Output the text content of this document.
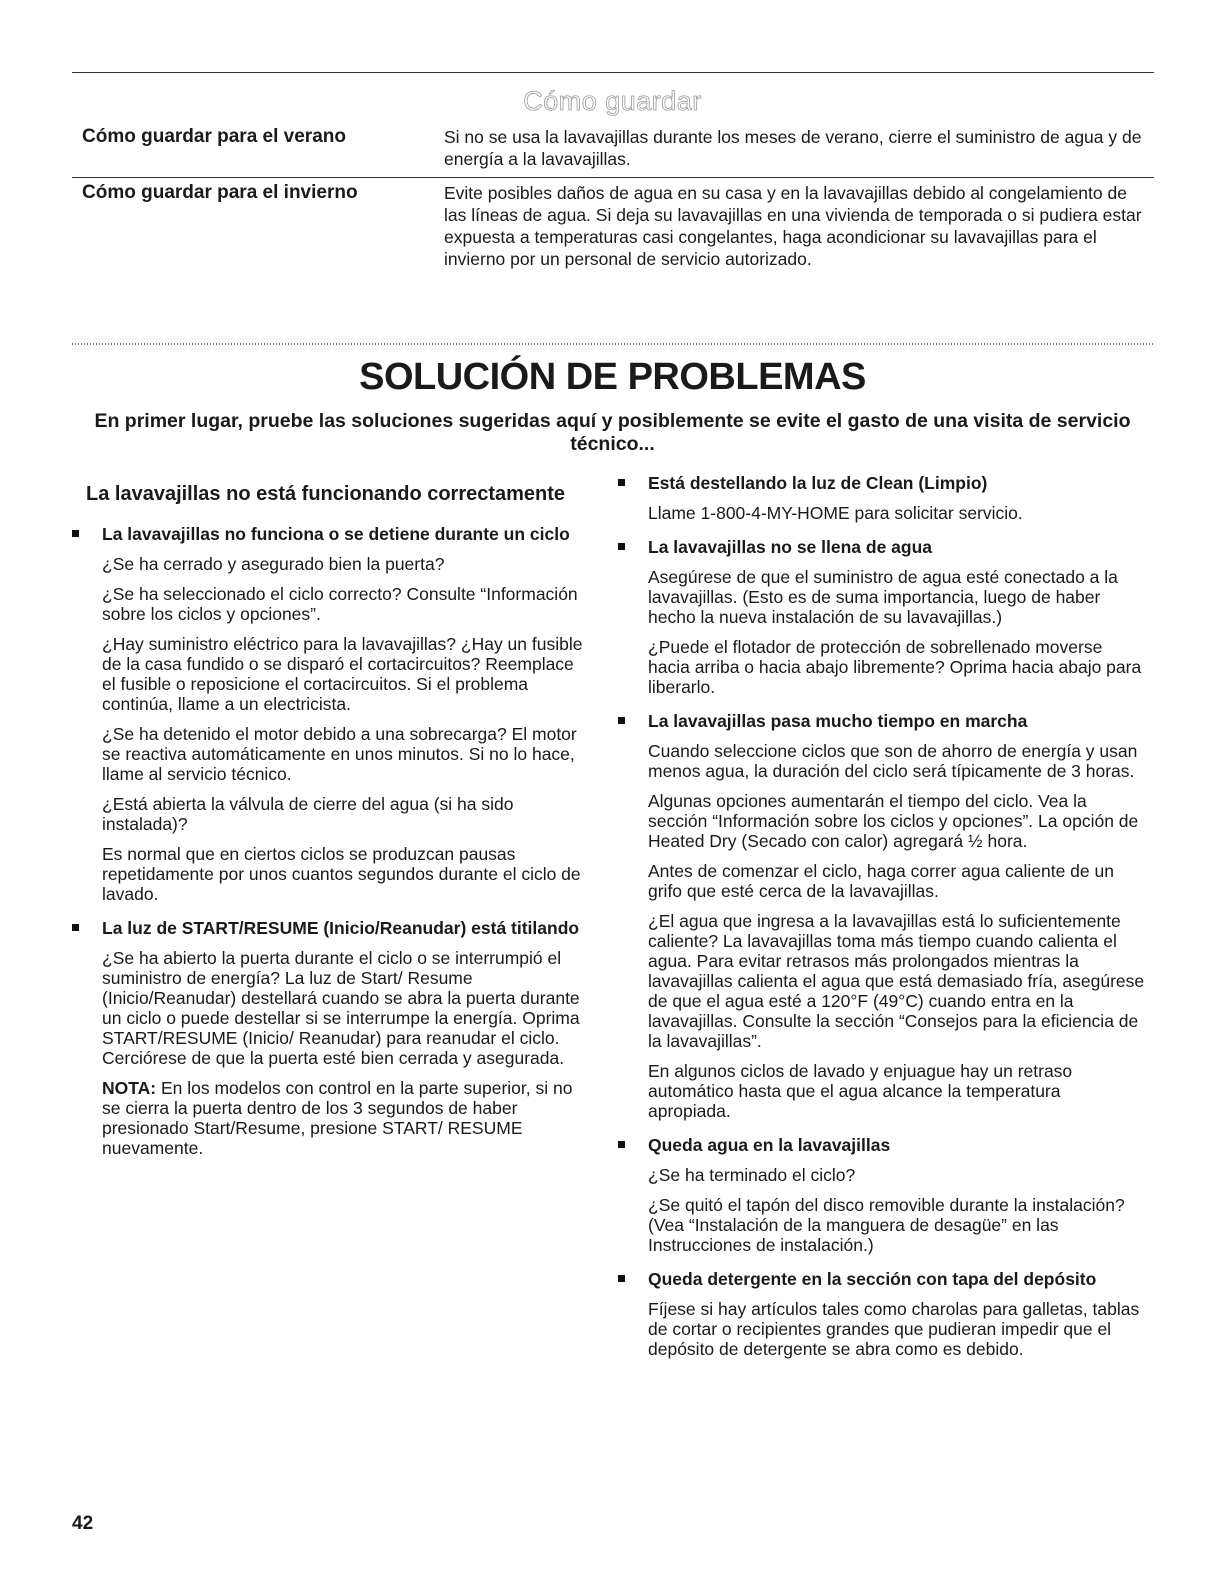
Cómo guardar
Cómo guardar para el verano	Si no se usa la lavavajillas durante los meses de verano, cierre el suministro de agua y de energía a la lavavajillas.
Cómo guardar para el invierno	Evite posibles daños de agua en su casa y en la lavavajillas debido al congelamiento de las líneas de agua. Si deja su lavavajillas en una vivienda de temporada o si pudiera estar expuesta a temperaturas casi congelantes, haga acondicionar su lavavajillas para el invierno por un personal de servicio autorizado.
SOLUCIÓN DE PROBLEMAS
En primer lugar, pruebe las soluciones sugeridas aquí y posiblemente se evite el gasto de una visita de servicio técnico...
La lavavajillas no está funcionando correctamente
La lavavajillas no funciona o se detiene durante un ciclo
¿Se ha cerrado y asegurado bien la puerta?
¿Se ha seleccionado el ciclo correcto? Consulte “Información sobre los ciclos y opciones”.
¿Hay suministro eléctrico para la lavavajillas? ¿Hay un fusible de la casa fundido o se disparó el cortacircuitos? Reemplace el fusible o reposicione el cortacircuitos. Si el problema continúa, llame a un electricista.
¿Se ha detenido el motor debido a una sobrecarga? El motor se reactiva automáticamente en unos minutos. Si no lo hace, llame al servicio técnico.
¿Está abierta la válvula de cierre del agua (si ha sido instalada)?
Es normal que en ciertos ciclos se produzcan pausas repetidamente por unos cuantos segundos durante el ciclo de lavado.
La luz de START/RESUME (Inicio/Reanudar) está titilando
¿Se ha abierto la puerta durante el ciclo o se interrumpió el suministro de energía? La luz de Start/ Resume (Inicio/Reanudar) destellará cuando se abra la puerta durante un ciclo o puede destellar si se interrumpe la energía. Oprima START/RESUME (Inicio/ Reanudar) para reanudar el ciclo. Cerciórese de que la puerta esté bien cerrada y asegurada.
NOTA: En los modelos con control en la parte superior, si no se cierra la puerta dentro de los 3 segundos de haber presionado Start/Resume, presione START/ RESUME nuevamente.
Está destellando la luz de Clean (Limpio)
Llame 1-800-4-MY-HOME para solicitar servicio.
La lavavajillas no se llena de agua
Asegúrese de que el suministro de agua esté conectado a la lavavajillas. (Esto es de suma importancia, luego de haber hecho la nueva instalación de su lavavajillas.)
¿Puede el flotador de protección de sobrellenado moverse hacia arriba o hacia abajo libremente? Oprima hacia abajo para liberarlo.
La lavavajillas pasa mucho tiempo en marcha
Cuando seleccione ciclos que son de ahorro de energía y usan menos agua, la duración del ciclo será típicamente de 3 horas.
Algunas opciones aumentarán el tiempo del ciclo. Vea la sección “Información sobre los ciclos y opciones”. La opción de Heated Dry (Secado con calor) agregará ½ hora.
Antes de comenzar el ciclo, haga correr agua caliente de un grifo que esté cerca de la lavavajillas.
¿El agua que ingresa a la lavavajillas está lo suficientemente caliente? La lavavajillas toma más tiempo cuando calienta el agua. Para evitar retrasos más prolongados mientras la lavavajillas calienta el agua que está demasiado fría, asegúrese de que el agua esté a 120°F (49°C) cuando entra en la lavavajillas. Consulte la sección “Consejos para la eficiencia de la lavavajillas”.
En algunos ciclos de lavado y enjuague hay un retraso automático hasta que el agua alcance la temperatura apropiada.
Queda agua en la lavavajillas
¿Se ha terminado el ciclo?
¿Se quitó el tapón del disco removible durante la instalación? (Vea “Instalación de la manguera de desagüe” en las Instrucciones de instalación.)
Queda detergente en la sección con tapa del depósito
Fíjese si hay artículos tales como charolas para galletas, tablas de cortar o recipientes grandes que pudieran impedir que el depósito de detergente se abra como es debido.
42
